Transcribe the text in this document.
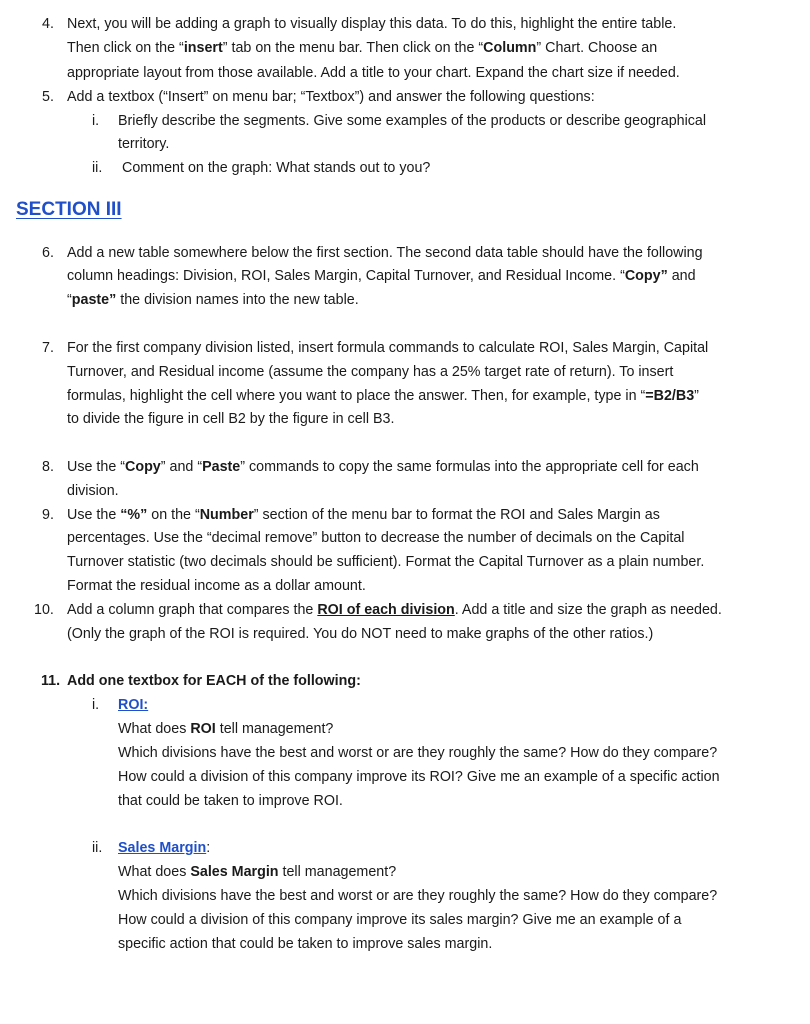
4. Next, you will be adding a graph to visually display this data. To do this, highlight the entire table.
Then click on the “insert” tab on the menu bar. Then click on the “Column” Chart. Choose an
appropriate layout from those available. Add a title to your chart. Expand the chart size if needed.
5. Add a textbox (“Insert” on menu bar; “Textbox”) and answer the following questions:
i. Briefly describe the segments. Give some examples of the products or describe geographical
territory.
ii. Comment on the graph: What stands out to you?
SECTION III
6. Add a new table somewhere below the first section. The second data table should have the following
column headings: Division, ROI, Sales Margin, Capital Turnover, and Residual Income. “Copy” and
“paste” the division names into the new table.
7. For the first company division listed, insert formula commands to calculate ROI, Sales Margin, Capital
Turnover, and Residual income (assume the company has a 25% target rate of return). To insert
formulas, highlight the cell where you want to place the answer. Then, for example, type in “=B2/B3”
to divide the figure in cell B2 by the figure in cell B3.
8. Use the “Copy” and “Paste” commands to copy the same formulas into the appropriate cell for each
division.
9. Use the “%” on the “Number” section of the menu bar to format the ROI and Sales Margin as
percentages. Use the “decimal remove” button to decrease the number of decimals on the Capital
Turnover statistic (two decimals should be sufficient). Format the Capital Turnover as a plain number.
Format the residual income as a dollar amount.
10. Add a column graph that compares the ROI of each division. Add a title and size the graph as needed.
(Only the graph of the ROI is required. You do NOT need to make graphs of the other ratios.)
11. Add one textbox for EACH of the following:
i. ROI:
What does ROI tell management?
Which divisions have the best and worst or are they roughly the same? How do they compare?
How could a division of this company improve its ROI? Give me an example of a specific action
that could be taken to improve ROI.
ii. Sales Margin:
What does Sales Margin tell management?
Which divisions have the best and worst or are they roughly the same? How do they compare?
How could a division of this company improve its sales margin? Give me an example of a
specific action that could be taken to improve sales margin.
